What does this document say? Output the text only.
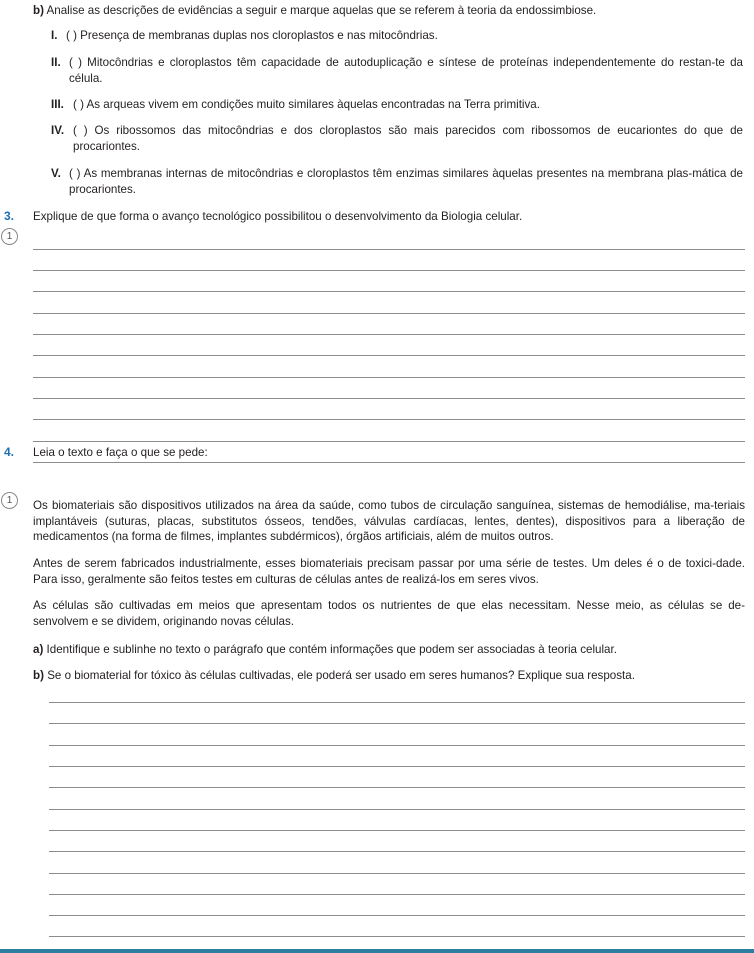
b) Analise as descrições de evidências a seguir e marque aquelas que se referem à teoria da endossimbiose.
I. ( ) Presença de membranas duplas nos cloroplastos e nas mitocôndrias.
II. ( ) Mitocôndrias e cloroplastos têm capacidade de autoduplicação e síntese de proteínas independentemente do restan-te da célula.
III. ( ) As arqueas vivem em condições muito similares àquelas encontradas na Terra primitiva.
IV. ( ) Os ribossomos das mitocôndrias e dos cloroplastos são mais parecidos com ribossomos de eucariontes do que de procariontes.
V. ( ) As membranas internas de mitocôndrias e cloroplastos têm enzimas similares àquelas presentes na membrana plas-mática de procariontes.
3. Explique de que forma o avanço tecnológico possibilitou o desenvolvimento da Biologia celular.
1
4. Leia o texto e faça o que se pede:
1	Os biomateriais são dispositivos utilizados na área da saúde, como tubos de circulação sanguínea, sistemas de hemodiálise, ma-teriais implantáveis (suturas, placas, substitutos ósseos, tendões, válvulas cardíacas, lentes, dentes), dispositivos para a liberação de medicamentos (na forma de filmes, implantes subdérmicos), órgãos artificiais, além de muitos outros.
Antes de serem fabricados industrialmente, esses biomateriais precisam passar por uma série de testes. Um deles é o de toxici-dade. Para isso, geralmente são feitos testes em culturas de células antes de realizá-los em seres vivos.
As células são cultivadas em meios que apresentam todos os nutrientes de que elas necessitam. Nesse meio, as células se de-senvolvem e se dividem, originando novas células.
a) Identifique e sublinhe no texto o parágrafo que contém informações que podem ser associadas à teoria celular.
b) Se o biomaterial for tóxico às células cultivadas, ele poderá ser usado em seres humanos? Explique sua resposta.
